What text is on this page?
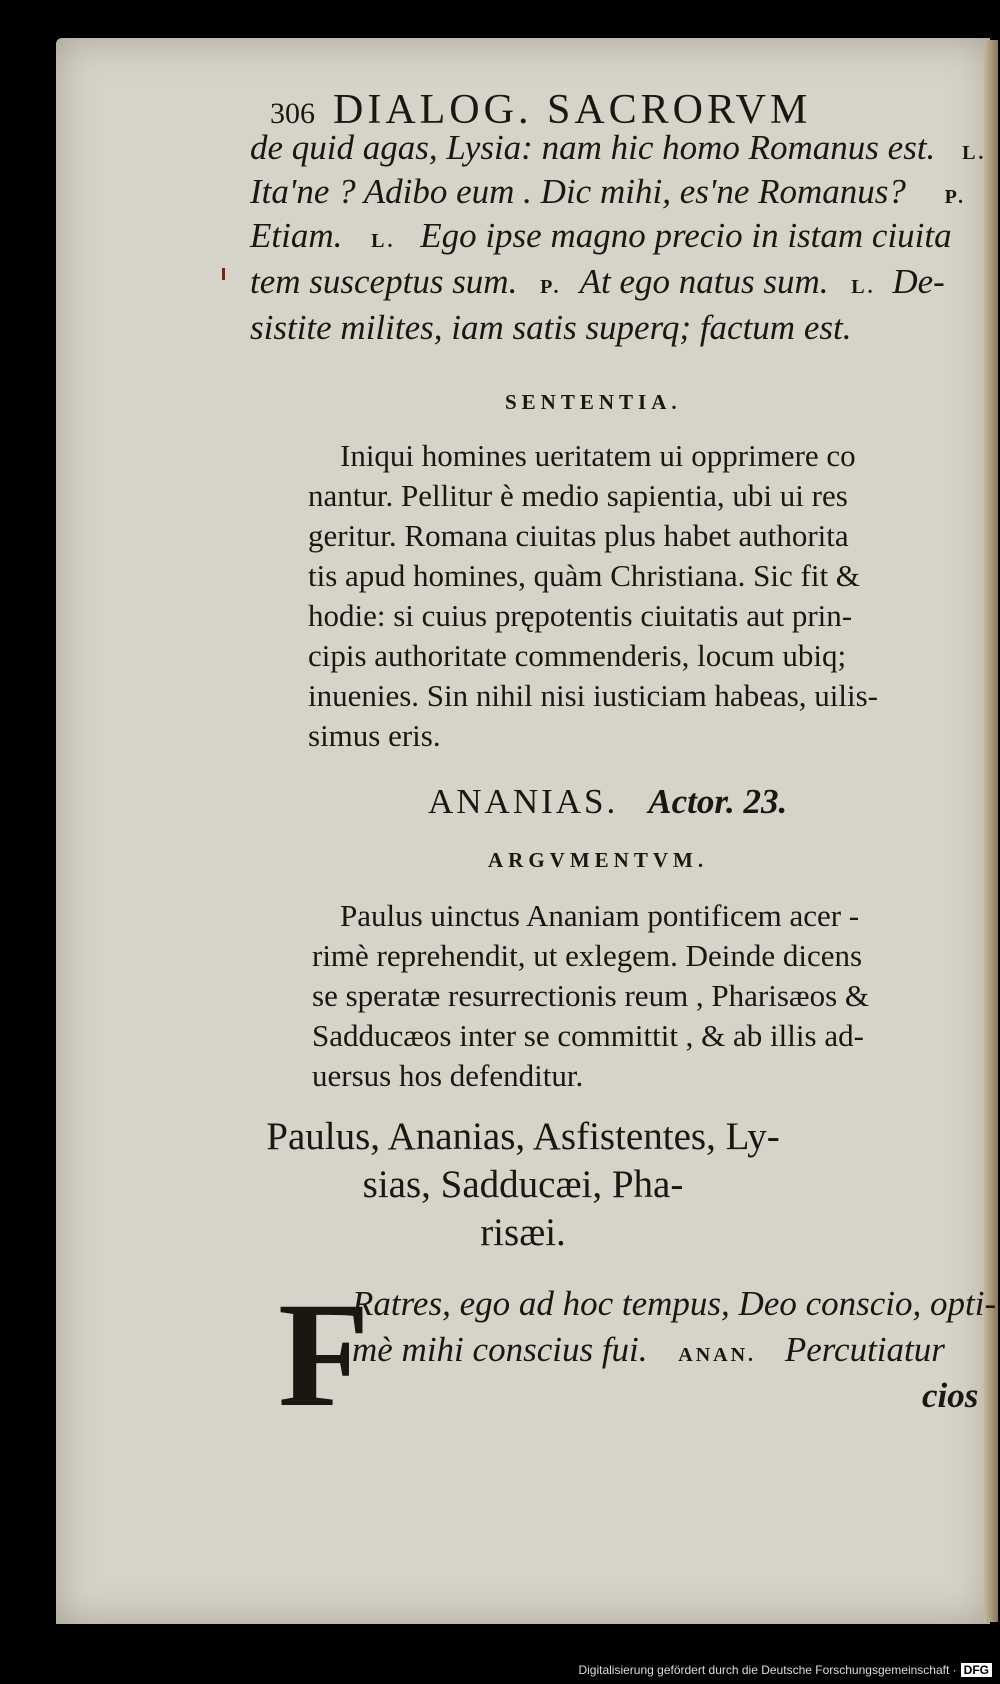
306 DIALOG. SACRORVM
de quid agas, Lysia: nam hic homo Romanus est. L.
Ita'ne ? Adibo eum . Dic mihi, es'ne Romanus? P.
Etiam. L. Ego ipse magno precio in istam ciuita
tem susceptus sum. P. At ego natus sum. L. De-
sistite milites, iam satis superq; factum est.
SENTENTIA.
Iniqui homines ueritatem ui opprimere co
nantur. Pellitur è medio sapientia, ubi ui res
geritur. Romana ciuitas plus habet authorita
tis apud homines, quàm Christiana. Sic fit &
hodie: si cuius prępotentis ciuitatis aut prin-
cipis authoritate commenderis, locum ubiq;
inuenies. Sin nihil nisi iusticiam habeas, uilis-
simus eris.
ANANIAS. Actor. 23.
ARGVMENTVM.
Paulus uinctus Ananiam pontificem acer -
rimè reprehendit, ut exlegem. Deinde dicens
se speratæ resurrectionis reum , Pharisæos &
Sadducæos inter se committit , & ab illis ad-
uersus hos defenditur.
Paulus, Ananias, Asfistentes, Ly-
sias, Sadducæi, Pha-
risæi.
F
Ratres, ego ad hoc tempus, Deo conscio, opti-
mè mihi conscius fui. ANAN. Percutiatur
cios
Digitalisierung gefördert durch die Deutsche Forschungsgemeinschaft · DFG
